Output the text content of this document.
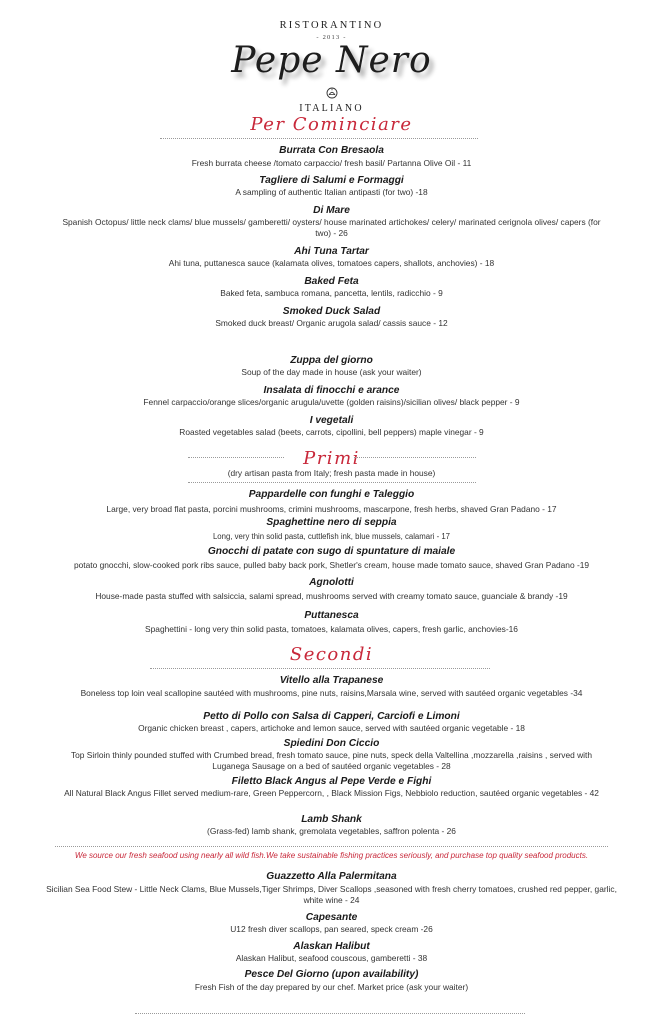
RISTORANTINO
- 2013 -
Pepe Nero
ITALIANO
Per Cominciare
Burrata Con Bresaola
Fresh burrata cheese /tomato carpaccio/ fresh basil/ Partanna Olive Oil - 11
Tagliere di Salumi e Formaggi
A sampling of authentic Italian antipasti (for two) -18
Di Mare
Spanish Octopus/ little neck clams/ blue mussels/ gamberetti/ oysters/ house marinated artichokes/ celery/ marinated cerignola olives/ capers (for two) - 26
Ahi Tuna Tartar
Ahi tuna, puttanesca sauce (kalamata olives, tomatoes capers, shallots, anchovies) - 18
Baked Feta
Baked feta, sambuca romana, pancetta, lentils, radicchio - 9
Smoked Duck Salad
Smoked duck breast/ Organic arugola salad/ cassis sauce - 12
Zuppa del giorno
Soup of the day made in house (ask your waiter)
Insalata di finocchi e arance
Fennel carpaccio/orange slices/organic arugula/uvette (golden raisins)/sicilian olives/ black pepper - 9
I vegetali
Roasted vegetables salad (beets, carrots, cipollini, bell peppers) maple vinegar - 9
Primi
(dry artisan pasta from Italy; fresh pasta made in house)
Pappardelle con funghi e Taleggio
Large, very broad flat pasta, porcini mushrooms, crimini mushrooms, mascarpone, fresh herbs, shaved Gran Padano - 17
Spaghettine nero di seppia
Long, very thin solid pasta, cuttlefish ink, blue mussels, calamari - 17
Gnocchi di patate con sugo di spuntature di maiale
potato gnocchi, slow-cooked pork ribs sauce, pulled baby back pork, Shetler's cream, house made tomato sauce, shaved Gran Padano -19
Agnolotti
House-made pasta stuffed with salsiccia, salami spread, mushrooms served with creamy tomato sauce, guanciale & brandy -19
Puttanesca
Spaghettini - long very thin solid pasta, tomatoes, kalamata olives, capers, fresh garlic, anchovies-16
Secondi
Vitello alla Trapanese
Boneless top loin veal scallopine sautéed with mushrooms, pine nuts, raisins,Marsala wine, served with sautéed organic vegetables -34
Petto di Pollo con Salsa di Capperi, Carciofi e Limoni
Organic chicken breast , capers, artichoke and lemon sauce, served with sautéed organic vegetable - 18
Spiedini Don Ciccio
Top Sirloin thinly pounded stuffed with Crumbed bread, fresh tomato sauce, pine nuts, speck della Valtellina ,mozzarella ,raisins , served with Luganega Sausage on a bed of sautéed organic vegetables - 28
Filetto Black Angus al Pepe Verde e Fighi
All Natural Black Angus Fillet served medium-rare, Green Peppercorn, , Black Mission Figs, Nebbiolo reduction, sautéed organic vegetables - 42
Lamb Shank
(Grass-fed) lamb shank, gremolata vegetables, saffron polenta - 26
We source our fresh seafood using nearly all wild fish.We take sustainable fishing practices seriously, and purchase top quality seafood products.
Guazzetto Alla Palermitana
Sicilian Sea Food Stew - Little Neck Clams, Blue Mussels,Tiger Shrimps, Diver Scallops ,seasoned with fresh cherry tomatoes, crushed red pepper, garlic, white wine - 24
Capesante
U12 fresh diver scallops, pan seared, speck cream -26
Alaskan Halibut
Alaskan Halibut, seafood couscous, gamberetti - 38
Pesce Del Giorno (upon availability)
Fresh Fish of the day prepared by our chef. Market price (ask your waiter)
